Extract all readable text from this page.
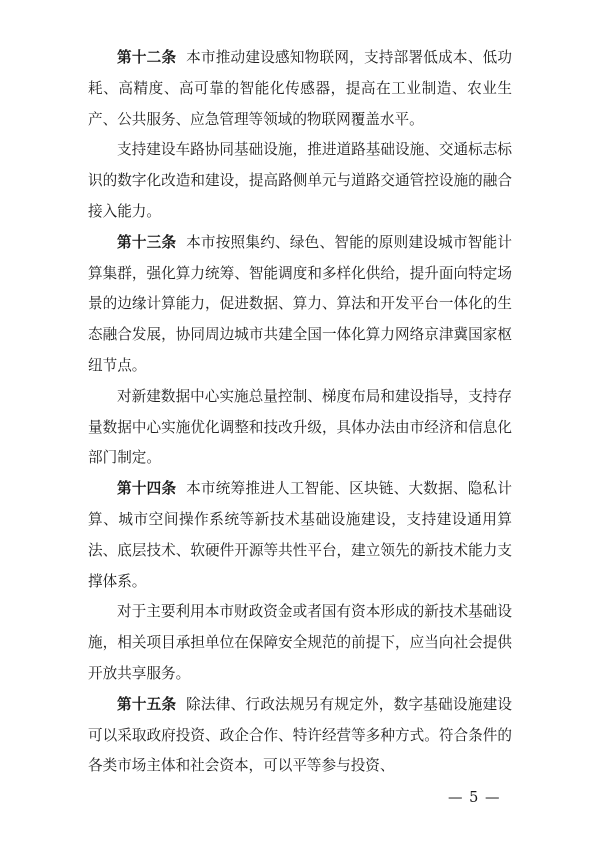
第十二条 本市推动建设感知物联网，支持部署低成本、低功耗、高精度、高可靠的智能化传感器，提高在工业制造、农业生产、公共服务、应急管理等领域的物联网覆盖水平。

支持建设车路协同基础设施，推进道路基础设施、交通标志标识的数字化改造和建设，提高路侧单元与道路交通管控设施的融合接入能力。

第十三条 本市按照集约、绿色、智能的原则建设城市智能计算集群，强化算力统筹、智能调度和多样化供给，提升面向特定场景的边缘计算能力，促进数据、算力、算法和开发平台一体化的生态融合发展，协同周边城市共建全国一体化算力网络京津冀国家枢纽节点。

对新建数据中心实施总量控制、梯度布局和建设指导，支持存量数据中心实施优化调整和技改升级，具体办法由市经济和信息化部门制定。

第十四条 本市统筹推进人工智能、区块链、大数据、隐私计算、城市空间操作系统等新技术基础设施建设，支持建设通用算法、底层技术、软硬件开源等共性平台，建立领先的新技术能力支撑体系。

对于主要利用本市财政资金或者国有资本形成的新技术基础设施，相关项目承担单位在保障安全规范的前提下，应当向社会提供开放共享服务。

第十五条 除法律、行政法规另有规定外，数字基础设施建设可以采取政府投资、政企合作、特许经营等多种方式。符合条件的各类市场主体和社会资本，可以平等参与投资、

— 5 —
